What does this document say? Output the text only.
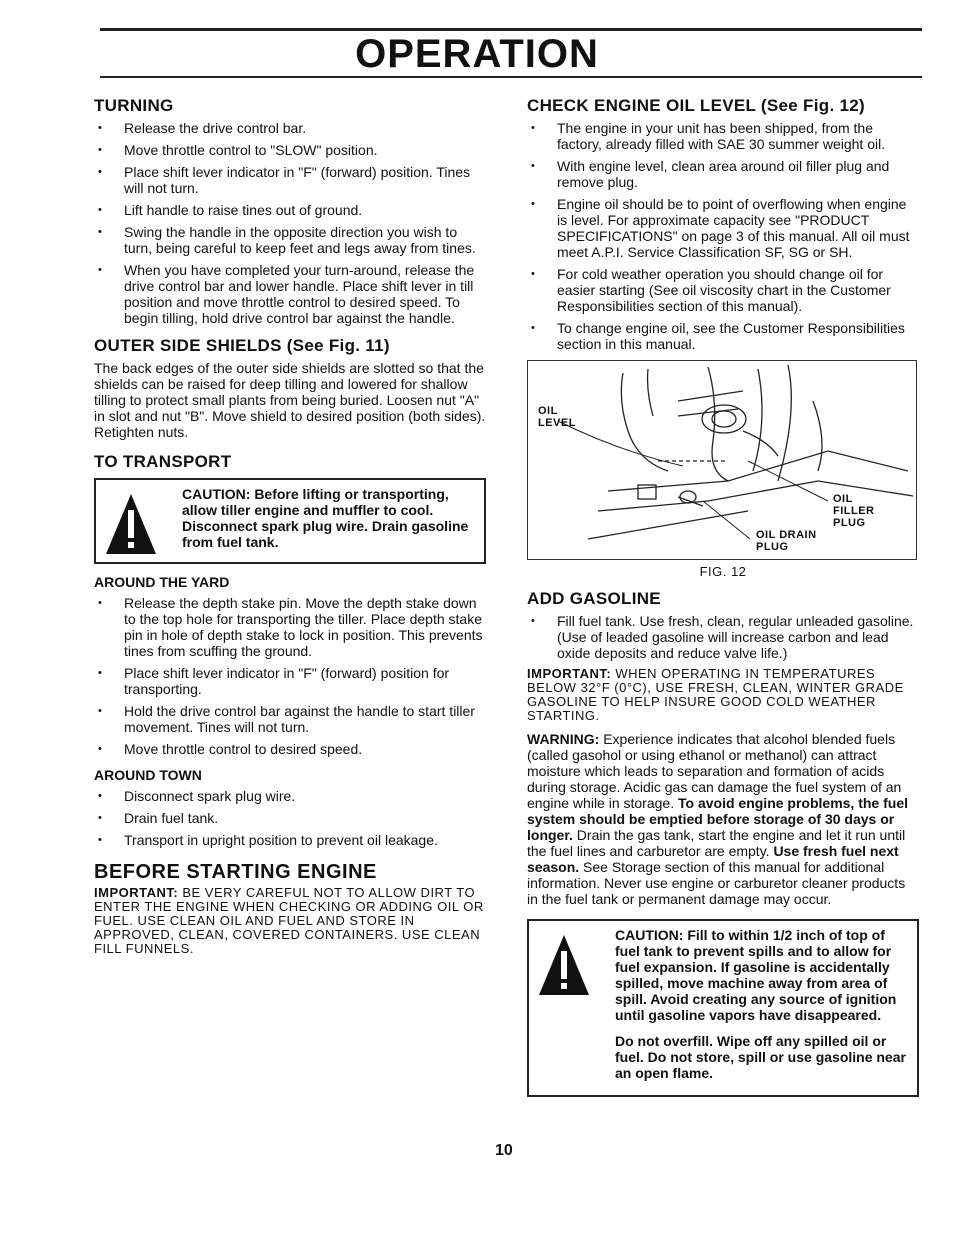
OPERATION
TURNING
• Release the drive control bar.
• Move throttle control to "SLOW" position.
• Place shift lever indicator in "F" (forward) position. Tines will not turn.
• Lift handle to raise tines out of ground.
• Swing the handle in the opposite direction you wish to turn, being careful to keep feet and legs away from tines.
• When you have completed your turn-around, release the drive control bar and lower handle. Place shift lever in till position and move throttle control to desired speed. To begin tilling, hold drive control bar against the handle.
OUTER SIDE SHIELDS (See Fig. 11)

The back edges of the outer side shields are slotted so that the shields can be raised for deep tilling and lowered for shallow tilling to protect small plants from being buried. Loosen nut "A" in slot and nut "B". Move shield to desired position (both sides). Retighten nuts.

TO TRANSPORT
CAUTION: Before lifting or transporting, allow tiller engine and muffler to cool. Disconnect spark plug wire. Drain gasoline from fuel tank.
AROUND THE YARD
• Release the depth stake pin. Move the depth stake down to the top hole for transporting the tiller. Place depth stake pin in hole of depth stake to lock in position. This prevents tines from scuffing the ground.
• Place shift lever indicator in "F" (forward) position for transporting.
• Hold the drive control bar against the handle to start tiller movement. Tines will not turn.
• Move throttle control to desired speed.
AROUND TOWN
• Disconnect spark plug wire.
• Drain fuel tank.
• Transport in upright position to prevent oil leakage.
BEFORE STARTING ENGINE

IMPORTANT: BE VERY CAREFUL NOT TO ALLOW DIRT TO ENTER THE ENGINE WHEN CHECKING OR ADDING OIL OR FUEL. USE CLEAN OIL AND FUEL AND STORE IN APPROVED, CLEAN, COVERED CONTAINERS. USE CLEAN FILL FUNNELS.

CHECK ENGINE OIL LEVEL (See Fig. 12)
• The engine in your unit has been shipped, from the factory, already filled with SAE 30 summer weight oil.
• With engine level, clean area around oil filler plug and remove plug.
• Engine oil should be to point of overflowing when engine is level. For approximate capacity see "PRODUCT SPECIFICATIONS" on page 3 of this manual. All oil must meet A.P.I. Service Classification SF, SG or SH.
• For cold weather operation you should change oil for easier starting (See oil viscosity chart in the Customer Responsibilities section of this manual).
• To change engine oil, see the Customer Responsibilities section in this manual.
OIL LEVEL
OIL FILLER PLUG
OIL DRAIN PLUG
FIG. 12
ADD GASOLINE
• Fill fuel tank. Use fresh, clean, regular unleaded gasoline. (Use of leaded gasoline will increase carbon and lead oxide deposits and reduce valve life.)

IMPORTANT: WHEN OPERATING IN TEMPERATURES BELOW 32°F (0°C), USE FRESH, CLEAN, WINTER GRADE GASOLINE TO HELP INSURE GOOD COLD WEATHER STARTING.

WARNING: Experience indicates that alcohol blended fuels (called gasohol or using ethanol or methanol) can attract moisture which leads to separation and formation of acids during storage. Acidic gas can damage the fuel system of an engine while in storage. To avoid engine problems, the fuel system should be emptied before storage of 30 days or longer. Drain the gas tank, start the engine and let it run until the fuel lines and carburetor are empty. Use fresh fuel next season. See Storage section of this manual for additional information. Never use engine or carburetor cleaner products in the fuel tank or permanent damage may occur.

CAUTION: Fill to within 1/2 inch of top of fuel tank to prevent spills and to allow for fuel expansion. If gasoline is accidentally spilled, move machine away from area of spill. Avoid creating any source of ignition until gasoline vapors have disappeared.

Do not overfill. Wipe off any spilled oil or fuel. Do not store, spill or use gasoline near an open flame.

10
